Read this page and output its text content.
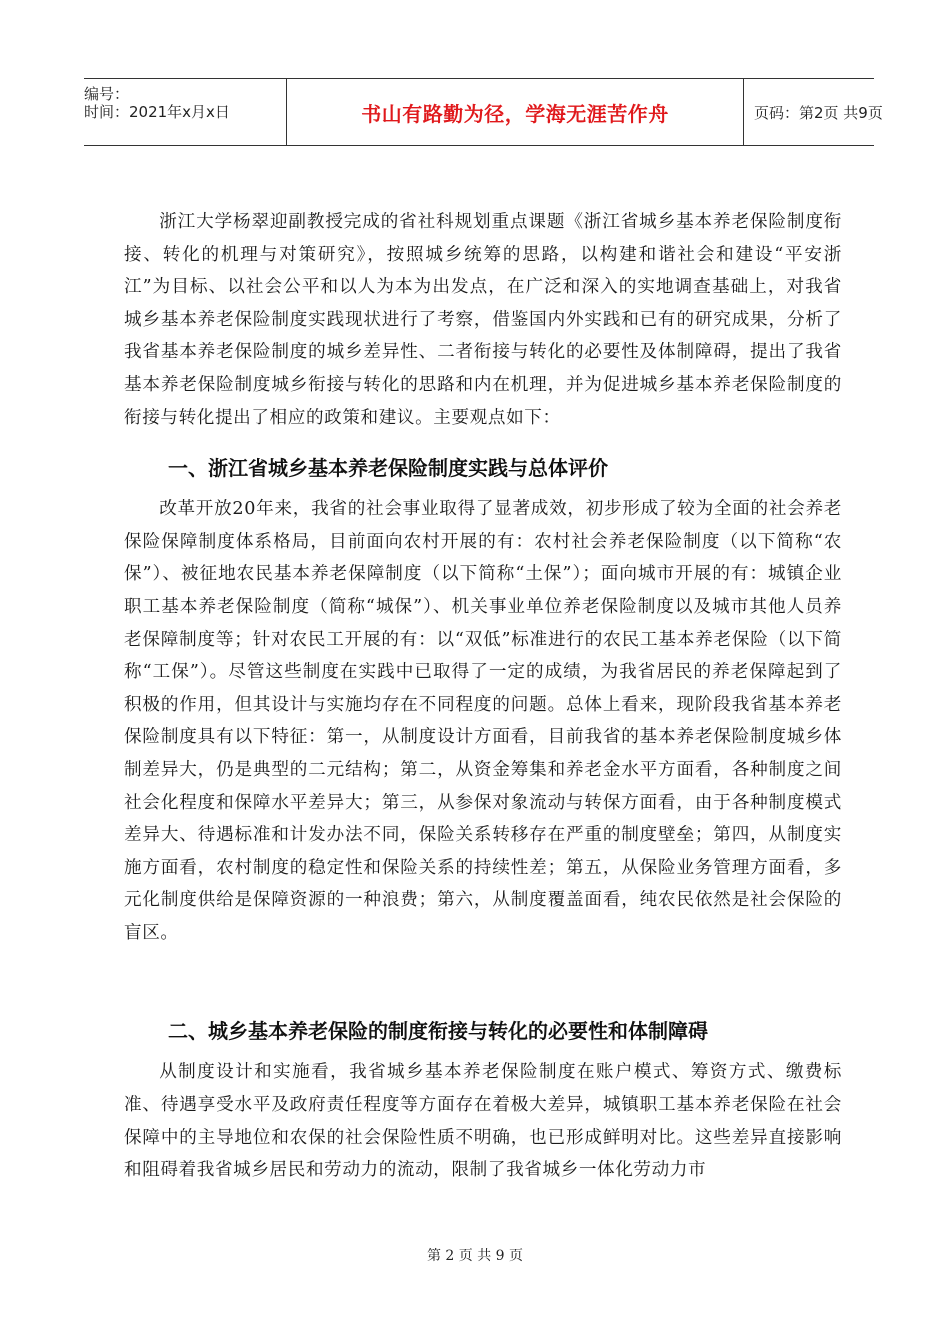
编号：
时间：2021年x月x日	书山有路勤为径，学海无涯苦作舟	页码：第2页 共9页

浙江大学杨翠迎副教授完成的省社科规划重点课题《浙江省城乡基本养老保险制度衔接、转化的机理与对策研究》，按照城乡统筹的思路，以构建和谐社会和建设“平安浙江”为目标、以社会公平和以人为本为出发点，在广泛和深入的实地调查基础上，对我省城乡基本养老保险制度实践现状进行了考察，借鉴国内外实践和已有的研究成果，分析了我省基本养老保险制度的城乡差异性、二者衔接与转化的必要性及体制障碍，提出了我省基本养老保险制度城乡衔接与转化的思路和内在机理，并为促进城乡基本养老保险制度的衔接与转化提出了相应的政策和建议。主要观点如下：

一、浙江省城乡基本养老保险制度实践与总体评价

改革开放20年来，我省的社会事业取得了显著成效，初步形成了较为全面的社会养老保险保障制度体系格局，目前面向农村开展的有：农村社会养老保险制度（以下简称“农保”）、被征地农民基本养老保障制度（以下简称“土保”）；面向城市开展的有：城镇企业职工基本养老保险制度（简称“城保”）、机关事业单位养老保险制度以及城市其他人员养老保障制度等；针对农民工开展的有：以“双低”标准进行的农民工基本养老保险（以下简称“工保”）。尽管这些制度在实践中已取得了一定的成绩，为我省居民的养老保障起到了积极的作用，但其设计与实施均存在不同程度的问题。总体上看来，现阶段我省基本养老保险制度具有以下特征：第一，从制度设计方面看，目前我省的基本养老保险制度城乡体制差异大，仍是典型的二元结构；第二，从资金筹集和养老金水平方面看，各种制度之间社会化程度和保障水平差异大；第三，从参保对象流动与转保方面看，由于各种制度模式差异大、待遇标准和计发办法不同，保险关系转移存在严重的制度壁垒；第四，从制度实施方面看，农村制度的稳定性和保险关系的持续性差；第五，从保险业务管理方面看，多元化制度供给是保障资源的一种浪费；第六，从制度覆盖面看，纯农民依然是社会保险的盲区。

二、城乡基本养老保险的制度衔接与转化的必要性和体制障碍

从制度设计和实施看，我省城乡基本养老保险制度在账户模式、筹资方式、缴费标准、待遇享受水平及政府责任程度等方面存在着极大差异，城镇职工基本养老保险在社会保障中的主导地位和农保的社会保险性质不明确，也已形成鲜明对比。这些差异直接影响和阻碍着我省城乡居民和劳动力的流动，限制了我省城乡一体化劳动力市

第 2 页 共 9 页
